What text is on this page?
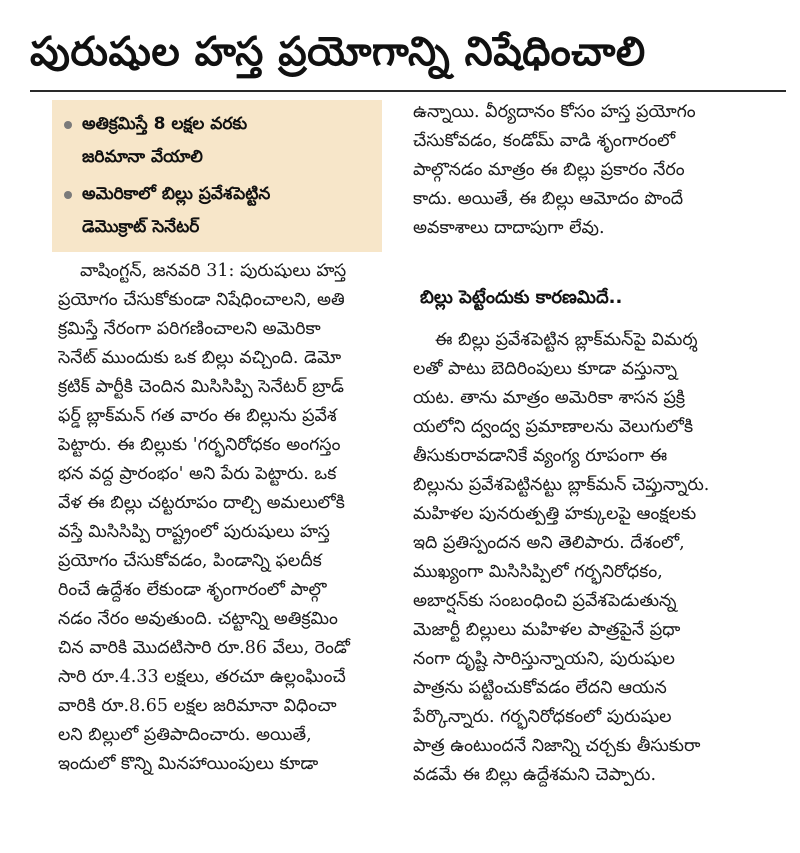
పురుషుల హస్త ప్రయోగాన్ని నిషేధించాలి
అతిక్రమిస్తే 8 లక్షల వరకు
జరిమానా వేయాలి
అమెరికాలో బిల్లు ప్రవేశపెట్టిన
డెమొక్రాట్ సెనేటర్
వాషింగ్టన్, జనవరి 31: పురుషులు హస్త
ప్రయోగం చేసుకోకుండా నిషేధించాలని, అతి
క్రమిస్తే నేరంగా పరిగణించాలని అమెరికా
సెనేట్ ముందుకు ఒక బిల్లు వచ్చింది. డెమో
క్రటిక్ పార్టీకి చెందిన మిసిసిప్పి సెనేటర్ బ్రాడ్
ఫర్డ్ బ్లాక్‌మన్ గత వారం ఈ బిల్లును ప్రవేశ
పెట్టారు. ఈ బిల్లుకు 'గర్భనిరోధకం అంగస్తం
భన వద్ద ప్రారంభం' అని పేరు పెట్టారు. ఒక
వేళ ఈ బిల్లు చట్టరూపం దాల్చి అమలులోకి
వస్తే మిసిసిప్పి రాష్ట్రంలో పురుషులు హస్త
ప్రయోగం చేసుకోవడం, పిండాన్ని ఫలదీక
రించే ఉద్దేశం లేకుండా శృంగారంలో పాల్గొ
నడం నేరం అవుతుంది. చట్టాన్ని అతిక్రమిం
చిన వారికి మొదటిసారి రూ.86 వేలు, రెండో
సారి రూ.4.33 లక్షలు, తరచూ ఉల్లంఘించే
వారికి రూ.8.65 లక్షల జరిమానా విధించా
లని బిల్లులో ప్రతిపాదించారు. అయితే,
ఇందులో కొన్ని మినహాయింపులు కూడా
ఉన్నాయి. వీర్యదానం కోసం హస్త ప్రయోగం
చేసుకోవడం, కండోమ్ వాడి శృంగారంలో
పాల్గొనడం మాత్రం ఈ బిల్లు ప్రకారం నేరం
కాదు. అయితే, ఈ బిల్లు ఆమోదం పొందే
అవకాశాలు దాదాపుగా లేవు.
బిల్లు పెట్టేందుకు కారణమిదే..
ఈ బిల్లు ప్రవేశపెట్టిన బ్లాక్‌మన్‌పై విమర్శ
లతో పాటు బెదిరింపులు కూడా వస్తున్నా
యట. తాను మాత్రం అమెరికా శాసన ప్రక్రి
యలోని ద్వంద్వ ప్రమాణాలను వెలుగులోకి
తీసుకురావడానికే వ్యంగ్య రూపంగా ఈ
బిల్లును ప్రవేశపెట్టినట్టు బ్లాక్‌మన్ చెప్తున్నారు.
మహిళల పునరుత్పత్తి హక్కులపై ఆంక్షలకు
ఇది ప్రతిస్పందన అని తెలిపారు. దేశంలో,
ముఖ్యంగా మిసిసిప్పిలో గర్భనిరోధకం,
అబార్షన్‌కు సంబంధించి ప్రవేశపెడుతున్న
మెజార్టీ బిల్లులు మహిళల పాత్రపైనే ప్రధా
నంగా దృష్టి సారిస్తున్నాయని, పురుషుల
పాత్రను పట్టించుకోవడం లేదని ఆయన
పేర్కొన్నారు. గర్భనిరోధకంలో పురుషుల
పాత్ర ఉంటుందనే నిజాన్ని చర్చకు తీసుకురా
వడమే ఈ బిల్లు ఉద్దేశమని చెప్పారు.
